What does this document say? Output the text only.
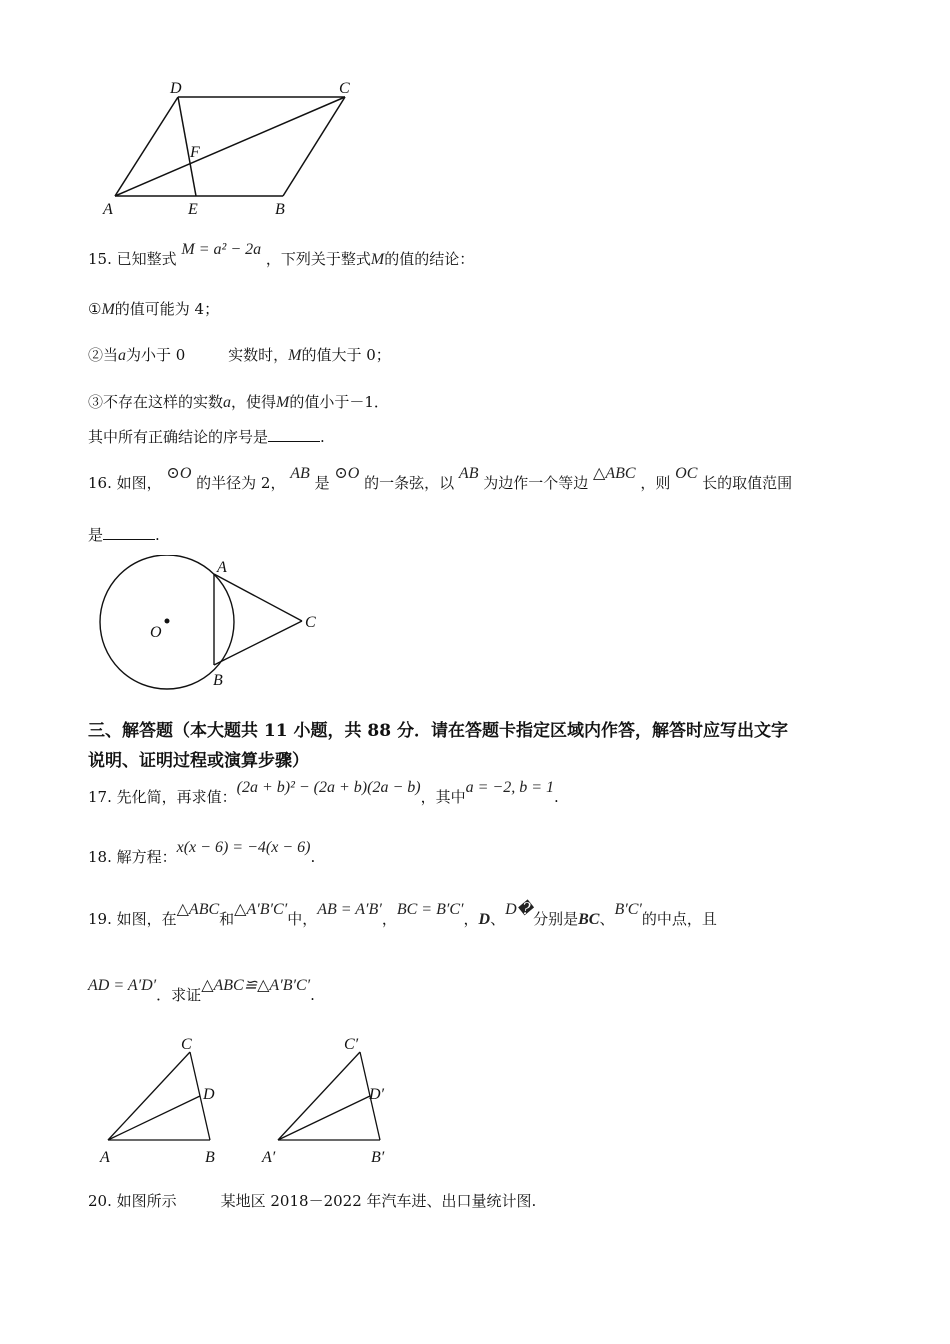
D	C
F
A	E	B
15. 已知整式 M = a² − 2a ，下列关于整式M的值的结论：
①M的值可能为 4；
②当a为小于 0	实数时，M的值大于 0；
③不存在这样的实数a，使得M的值小于－1．
其中所有正确结论的序号是	.
16. 如图， ⊙O 的半径为 2， AB 是 ⊙O 的一条弦，以 AB 为边作一个等边 △ABC ，则 OC 长的取值范围
是	.
A
O
C
B
三、解答题（本大题共 11 小题，共 88 分．请在答题卡指定区域内作答，解答时应写出文字
说明、证明过程或演算步骤）
17. 先化简，再求值：(2a + b)² − (2a + b)(2a − b)，其中a = −2, b = 1.
18. 解方程：x(x − 6) = −4(x − 6).
19. 如图，在△ABC和△A′B′C′中，AB = A′B′，BC = B′C′，D、D�分别是BC、B′C′的中点，且
AD = A′D′．求证△ABC≌△A′B′C′.
C
D
A	B
C′
D′
A′	B′
20. 如图所示	某地区 2018－2022 年汽车进、出口量统计图.
